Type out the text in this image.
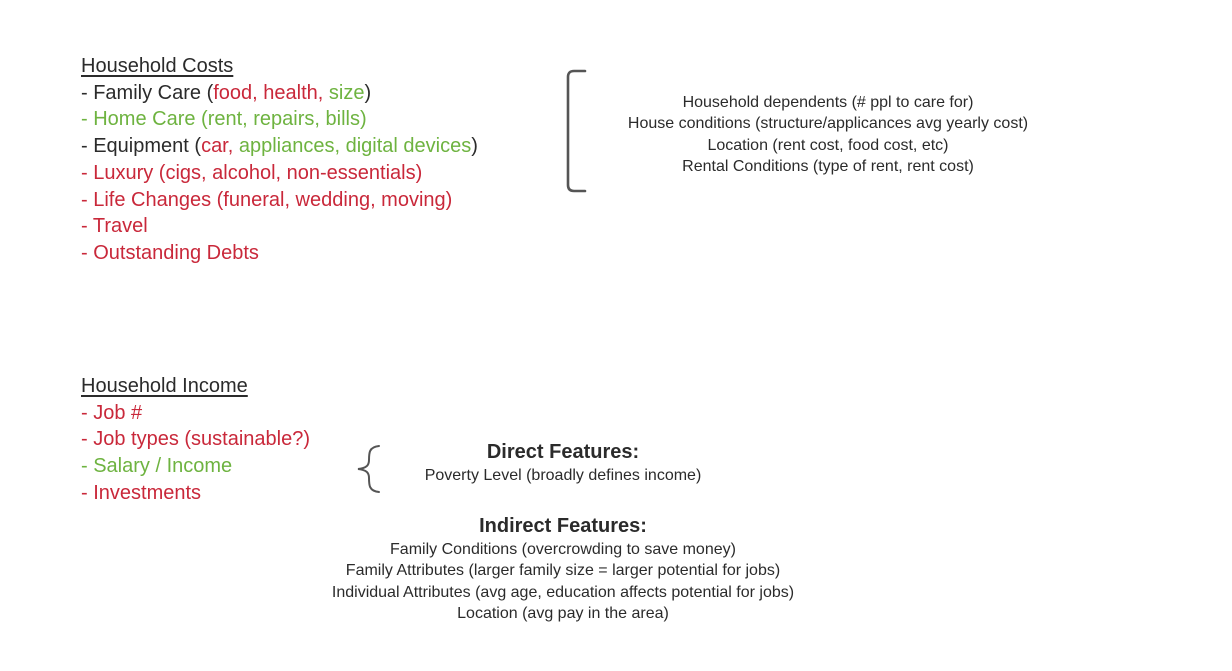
Household Costs
- Family Care (food, health, size)
- Home Care (rent, repairs, bills)
- Equipment (car, appliances, digital devices)
- Luxury (cigs, alcohol, non-essentials)
- Life Changes (funeral, wedding, moving)
- Travel
- Outstanding Debts
Household dependents (# ppl to care for)
House conditions (structure/applicances avg yearly cost)
Location (rent cost, food cost, etc)
Rental Conditions (type of rent, rent cost)
Household Income
- Job #
- Job types (sustainable?)
- Salary / Income
- Investments
Direct Features:
Poverty Level (broadly defines income)
Indirect Features:
Family Conditions (overcrowding to save money)
Family Attributes (larger family size = larger potential for jobs)
Individual Attributes (avg age, education affects potential for jobs)
Location (avg pay in the area)
